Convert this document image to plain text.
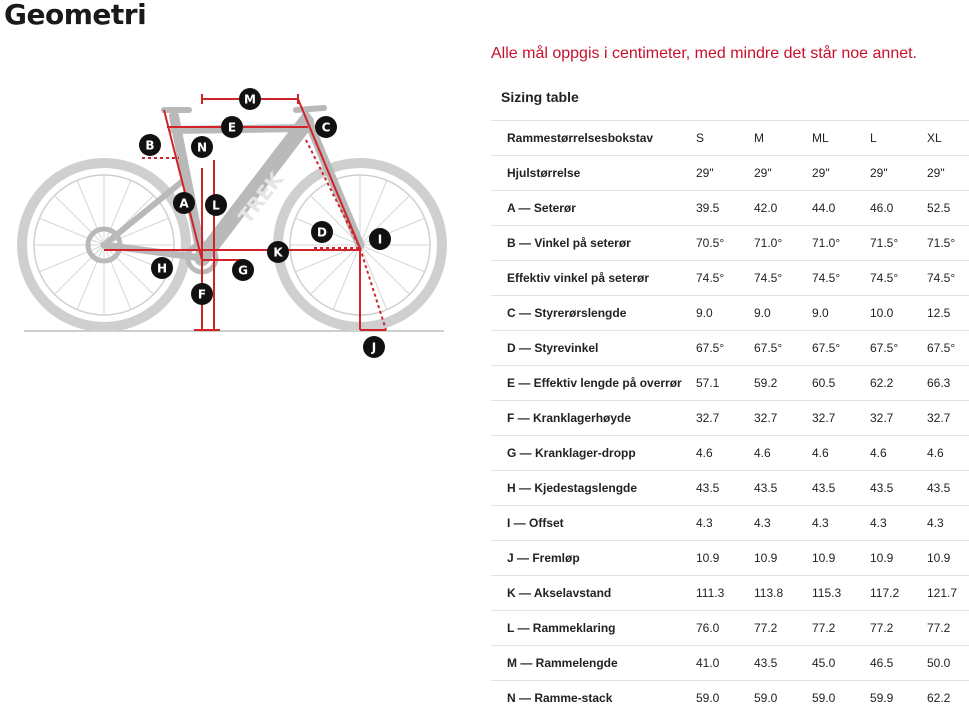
Geometri
TREK
M
E	C
B	N
A L
D	I
K
H	G
F
J
Alle mål oppgis i centimeter, med mindre det står noe annet.
Sizing table
Rammestørrelsesbokstav	S	M	ML	L	XL
Hjulstørrelse	29"	29"	29"	29"	29"
A — Seterør	39.5	42.0	44.0	46.0	52.5
B — Vinkel på seterør	70.5°	71.0°	71.0°	71.5°	71.5°
Effektiv vinkel på seterør	74.5°	74.5°	74.5°	74.5°	74.5°
C — Styrerørslengde	9.0	9.0	9.0	10.0	12.5
D — Styrevinkel	67.5°	67.5°	67.5°	67.5°	67.5°
E — Effektiv lengde på overrør	57.1	59.2	60.5	62.2	66.3
F — Kranklagerhøyde	32.7	32.7	32.7	32.7	32.7
G — Kranklager-dropp	4.6	4.6	4.6	4.6	4.6
H — Kjedestagslengde	43.5	43.5	43.5	43.5	43.5
I — Offset	4.3	4.3	4.3	4.3	4.3
J — Fremløp	10.9	10.9	10.9	10.9	10.9
K — Akselavstand	111.3	113.8	115.3	117.2	121.7
L — Rammeklaring	76.0	77.2	77.2	77.2	77.2
M — Rammelengde	41.0	43.5	45.0	46.5	50.0
N — Ramme-stack	59.0	59.0	59.0	59.9	62.2
